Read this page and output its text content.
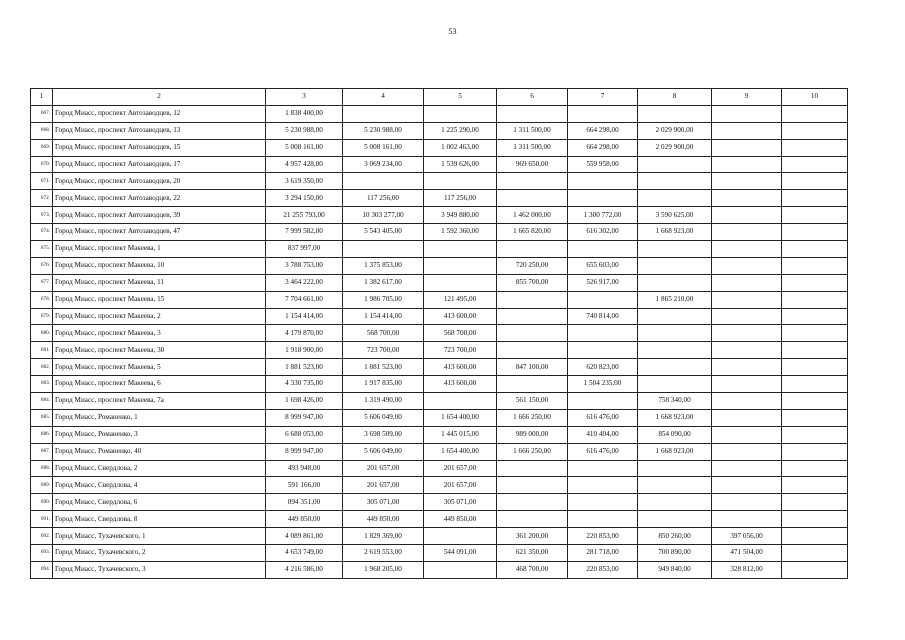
53
1	2	3	4	5	6	7	8	9	10
667.	Город Миасс, проспект Автозаводцев, 12	1 838 400,00							
668.	Город Миасс, проспект Автозаводцев, 13	5 230 988,00	5 230 988,00	1 225 290,00	1 311 500,00	664 298,00	2 029 900,00		
669.	Город Миасс, проспект Автозаводцев, 15	5 008 161,00	5 008 161,00	1 002 463,00	1 311 500,00	664 298,00	2 029 900,00		
670.	Город Миасс, проспект Автозаводцев, 17	4 957 428,00	3 069 234,00	1 539 626,00	969 650,00	559 958,00			
671.	Город Миасс, проспект Автозаводцев, 20	3 619 350,00							
672.	Город Миасс, проспект Автозаводцев, 22	3 294 150,00	117 256,00	117 256,00					
673.	Город Миасс, проспект Автозаводцев, 39	21 255 793,00	10 303 277,00	3 949 880,00	1 462 000,00	1 300 772,00	3 590 625,00		
674.	Город Миасс, проспект Автозаводцев, 47	7 999 582,00	5 543 405,00	1 592 360,00	1 665 820,00	616 302,00	1 668 923,00		
675.	Город Миасс, проспект Макеева, 1	837 997,00							
676.	Город Миасс, проспект Макеева, 10	3 788 753,00	1 375 853,00		720 250,00	655 603,00			
677.	Город Миасс, проспект Макеева, 11	3 464 222,00	1 382 617,00		855 700,00	526 917,00			
678.	Город Миасс, проспект Макеева, 15	7 704 661,00	1 986 705,00	121 495,00			1 865 210,00		
679.	Город Миасс, проспект Макеева, 2	1 154 414,00	1 154 414,00	413 600,00		740 814,00			
680.	Город Миасс, проспект Макеева, 3	4 179 870,00	568 700,00	568 700,00					
681.	Город Миасс, проспект Макеева, 30	1 918 900,00	723 700,00	723 700,00					
682.	Город Миасс, проспект Макеева, 5	1 881 523,00	1 881 523,00	413 600,00	847 100,00	620 823,00			
683.	Город Миасс, проспект Макеева, 6	4 330 735,00	1 917 835,00	413 600,00		1 504 235,00			
684.	Город Миасс, проспект Макеева, 7а	1 698 426,00	1 319 490,00		561 150,00		758 340,00		
685.	Город Миасс, Романенко, 1	8 999 947,00	5 606 049,00	1 654 400,00	1 666 250,00	616 476,00	1 668 923,00		
686.	Город Миасс, Романенко, 3	6 688 053,00	3 698 509,00	1 445 015,00	989 000,00	410 404,00	854 090,00		
687.	Город Миасс, Романенко, 40	8 999 947,00	5 606 049,00	1 654 400,00	1 666 250,00	616 476,00	1 668 923,00		
688.	Город Миасс, Свердлова, 2	493 948,00	201 657,00	201 657,00					
689.	Город Миасс, Свердлова, 4	591 166,00	201 657,00	201 657,00					
690.	Город Миасс, Свердлова, 6	894 351,00	305 071,00	305 071,00					
691.	Город Миасс, Свердлова, 8	449 850,00	449 850,00	449 850,00					
692.	Город Миасс, Тухачевского, 1	4 089 861,00	1 829 369,00		361 200,00	220 853,00	850 260,00	397 056,00	
693.	Город Миасс, Тухачевского, 2	4 653 749,00	2 619 553,00	544 091,00	621 350,00	281 718,00	700 890,00	471 504,00	
694.	Город Миасс, Тухачевского, 3	4 216 586,00	1 968 205,00		468 700,00	220 853,00	949 840,00	328 812,00	
